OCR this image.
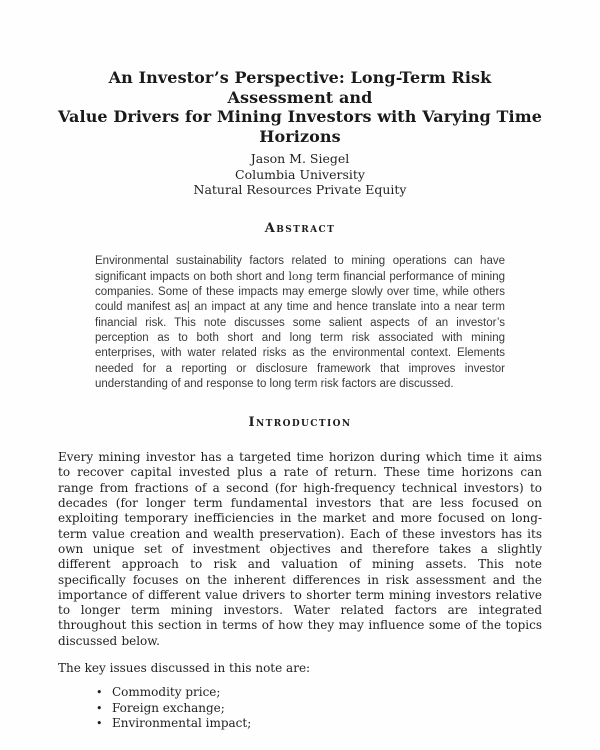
An Investor’s Perspective: Long-Term Risk Assessment and
Value Drivers for Mining Investors with Varying Time
Horizons
Jason M. Siegel
Columbia University
Natural Resources Private Equity
Abstract

Environmental sustainability factors related to mining operations can have significant impacts on both short and long term financial performance of mining companies. Some of these impacts may emerge slowly over time, while others could manifest as| an impact at any time and hence translate into a near term financial risk. This note discusses some salient aspects of an investor’s perception as to both short and long term risk associated with mining enterprises, with water related risks as the environmental context. Elements needed for a reporting or disclosure framework that improves investor understanding of and response to long term risk factors are discussed.

Introduction

Every mining investor has a targeted time horizon during which time it aims to recover capital invested plus a rate of return. These time horizons can range from fractions of a second (for high-frequency technical investors) to decades (for longer term fundamental investors that are less focused on exploiting temporary inefficiencies in the market and more focused on long-term value creation and wealth preservation). Each of these investors has its own unique set of investment objectives and therefore takes a slightly different approach to risk and valuation of mining assets. This note specifically focuses on the inherent differences in risk assessment and the importance of different value drivers to shorter term mining investors relative to longer term mining investors. Water related factors are integrated throughout this section in terms of how they may influence some of the topics discussed below.

The key issues discussed in this note are:
• Commodity price;
• Foreign exchange;
• Environmental impact;
